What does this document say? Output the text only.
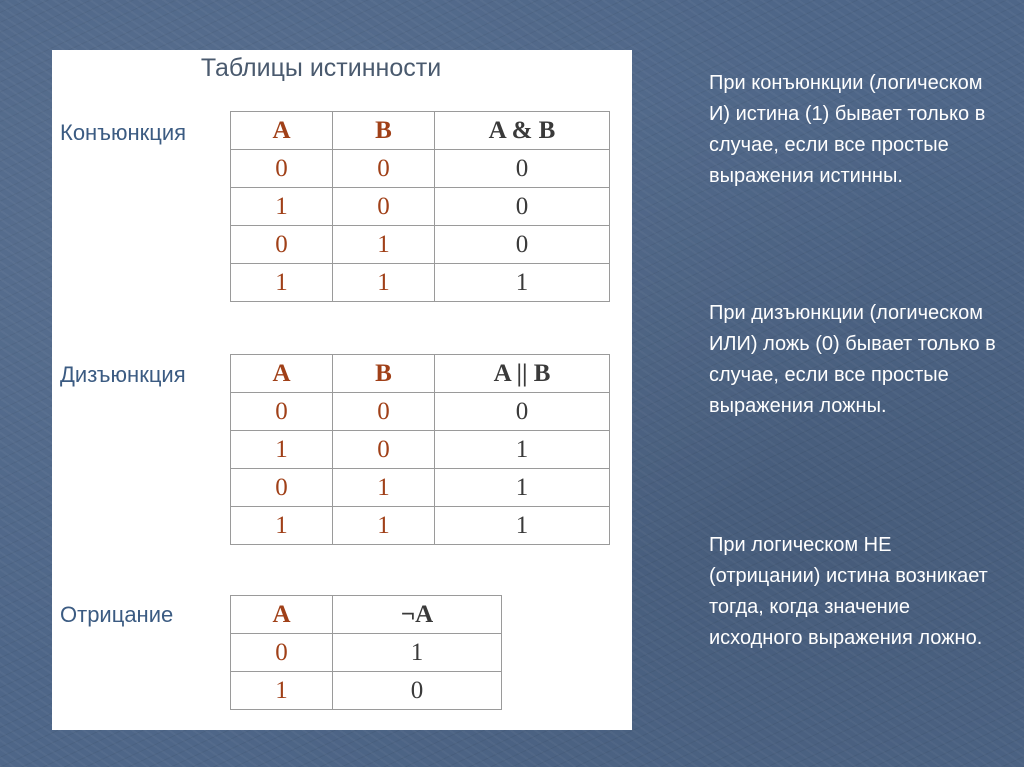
Таблицы истинности
Конъюнкция	A	B	A & B
0	0	0
1	0	0
0	1	0
1	1	1
Дизъюнкция	A	B	A || B
0	0	0
1	0	1
0	1	1
1	1	1
Отрицание	A	¬A
0	1
1	0
При конъюнкции (логическом И) истина (1) бывает только в случае, если все простые выражения истинны.
При дизъюнкции (логическом ИЛИ) ложь (0) бывает только в случае, если все простые выражения ложны.
При логическом НЕ (отрицании) истина возникает тогда, когда значение исходного выражения ложно.
